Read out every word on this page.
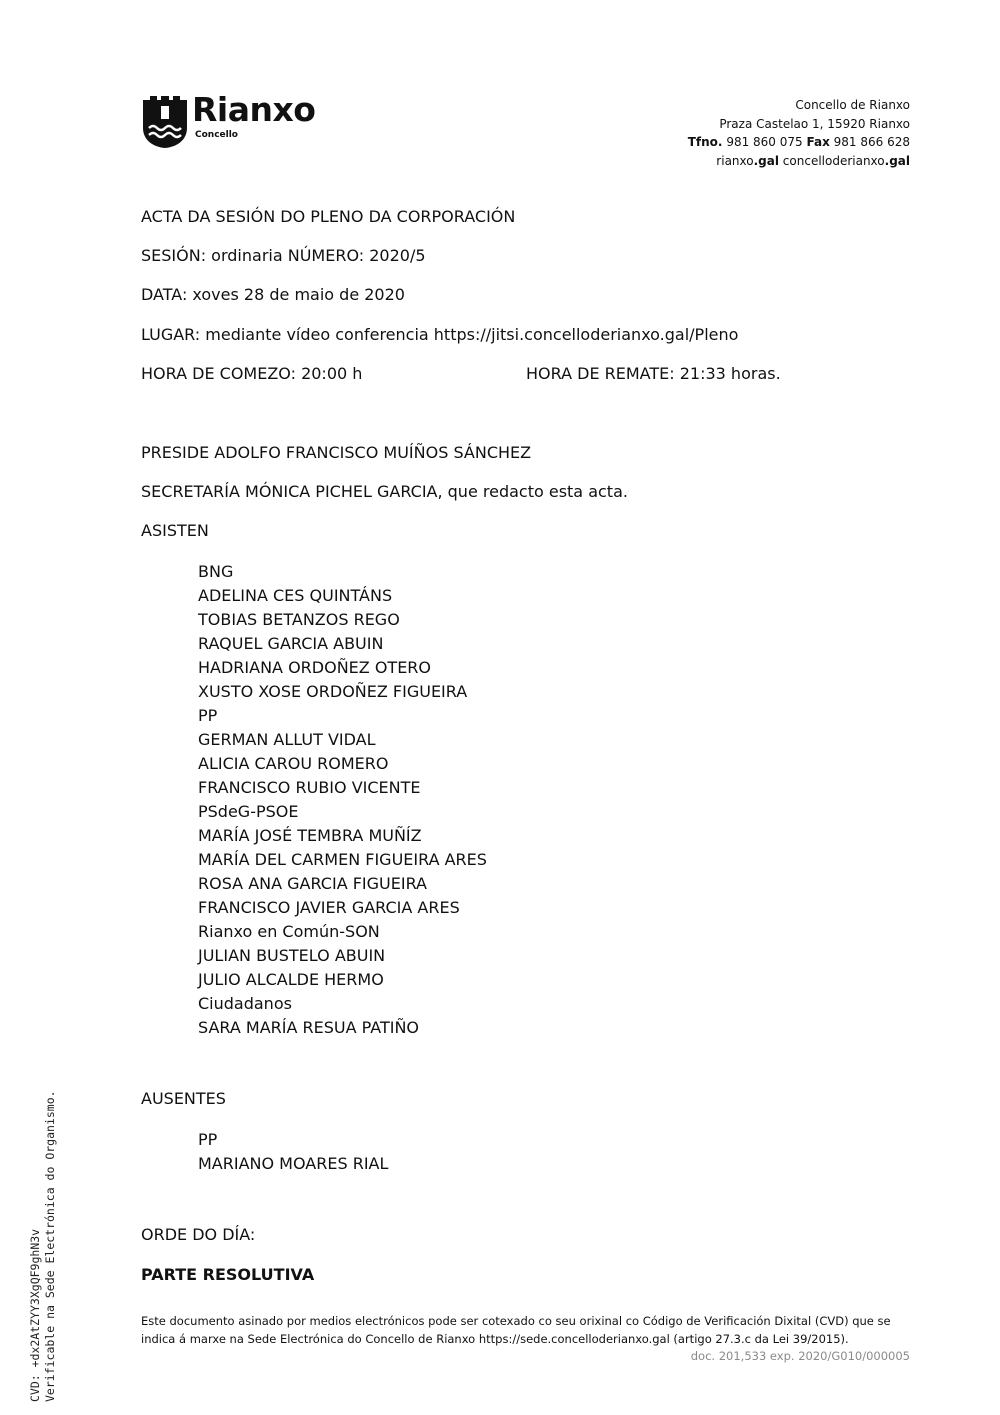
Rianxo
Concello
Concello de Rianxo
Praza Castelao 1, 15920 Rianxo
Tfno. 981 860 075 Fax 981 866 628
rianxo.gal concelloderianxo.gal
ACTA DA SESIÓN DO PLENO DA CORPORACIÓN
SESIÓN: ordinaria NÚMERO: 2020/5
DATA: xoves 28 de maio de 2020
LUGAR: mediante vídeo conferencia https://jitsi.concelloderianxo.gal/Pleno
HORA DE COMEZO: 20:00 h	HORA DE REMATE: 21:33 horas.
PRESIDE ADOLFO FRANCISCO MUÍÑOS SÁNCHEZ
SECRETARÍA MÓNICA PICHEL GARCIA, que redacto esta acta.
ASISTEN
BNG
ADELINA CES QUINTÁNS
TOBIAS BETANZOS REGO
RAQUEL GARCIA ABUIN
HADRIANA ORDOÑEZ OTERO
XUSTO XOSE ORDOÑEZ FIGUEIRA
PP
GERMAN ALLUT VIDAL
ALICIA CAROU ROMERO
FRANCISCO RUBIO VICENTE
PSdeG-PSOE
MARÍA JOSÉ TEMBRA MUÑÍZ
MARÍA DEL CARMEN FIGUEIRA ARES
ROSA ANA GARCIA FIGUEIRA
FRANCISCO JAVIER GARCIA ARES
Rianxo en Común-SON
JULIAN BUSTELO ABUIN
JULIO ALCALDE HERMO
Ciudadanos
SARA MARÍA RESUA PATIÑO
AUSENTES
PP
MARIANO MOARES RIAL
ORDE DO DÍA:
PARTE RESOLUTIVA
Este documento asinado por medios electrónicos pode ser cotexado co seu orixinal co Código de Verificación Dixital (CVD) que se indica á marxe na Sede Electrónica do Concello de Rianxo https://sede.concelloderianxo.gal (artigo 27.3.c da Lei 39/2015).
doc. 201,533 exp. 2020/G010/000005
CVD: +dx2AtZYY3XgQF9ghN3v Verificable na Sede Electrónica do Organismo.
